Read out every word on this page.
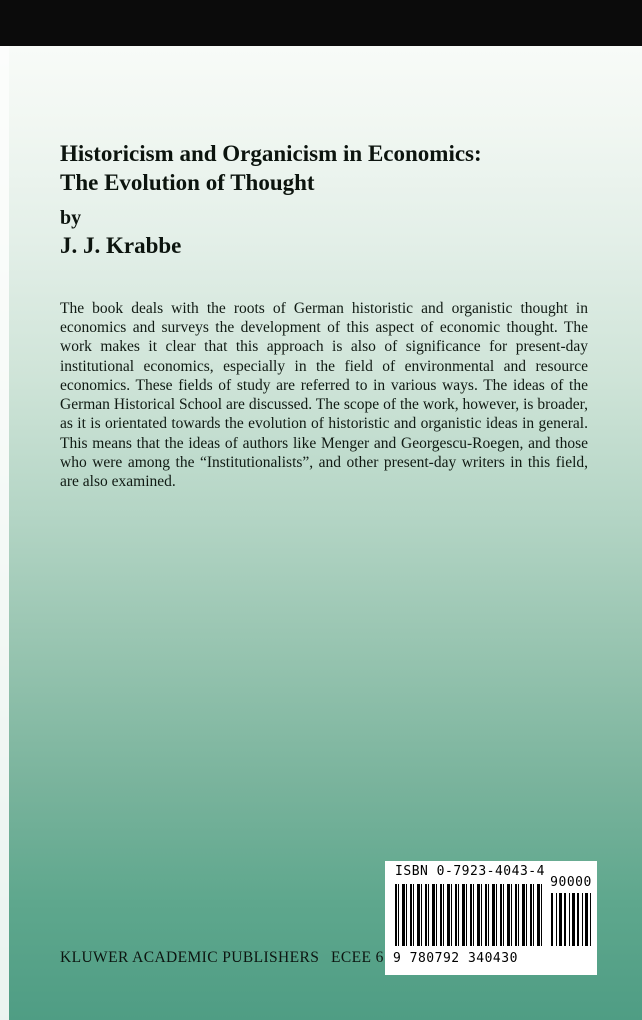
Historicism and Organicism in Economics:
The Evolution of Thought
by
J. J. Krabbe
The book deals with the roots of German historistic and organistic thought in economics and surveys the development of this aspect of economic thought. The work makes it clear that this approach is also of significance for present-day institutional economics, especially in the field of environmental and resource economics. These fields of study are referred to in various ways. The ideas of the German Historical School are discussed. The scope of the work, however, is broader, as it is orientated towards the evolution of historistic and organistic ideas in general. This means that the ideas of authors like Menger and Georgescu-Roegen, and those who were among the “Institutionalists”, and other present-day writers in this field, are also examined.
ISBN 0-7923-4043-4
90000
9 780792 340430
KLUWER ACADEMIC PUBLISHERS ECEE 6
